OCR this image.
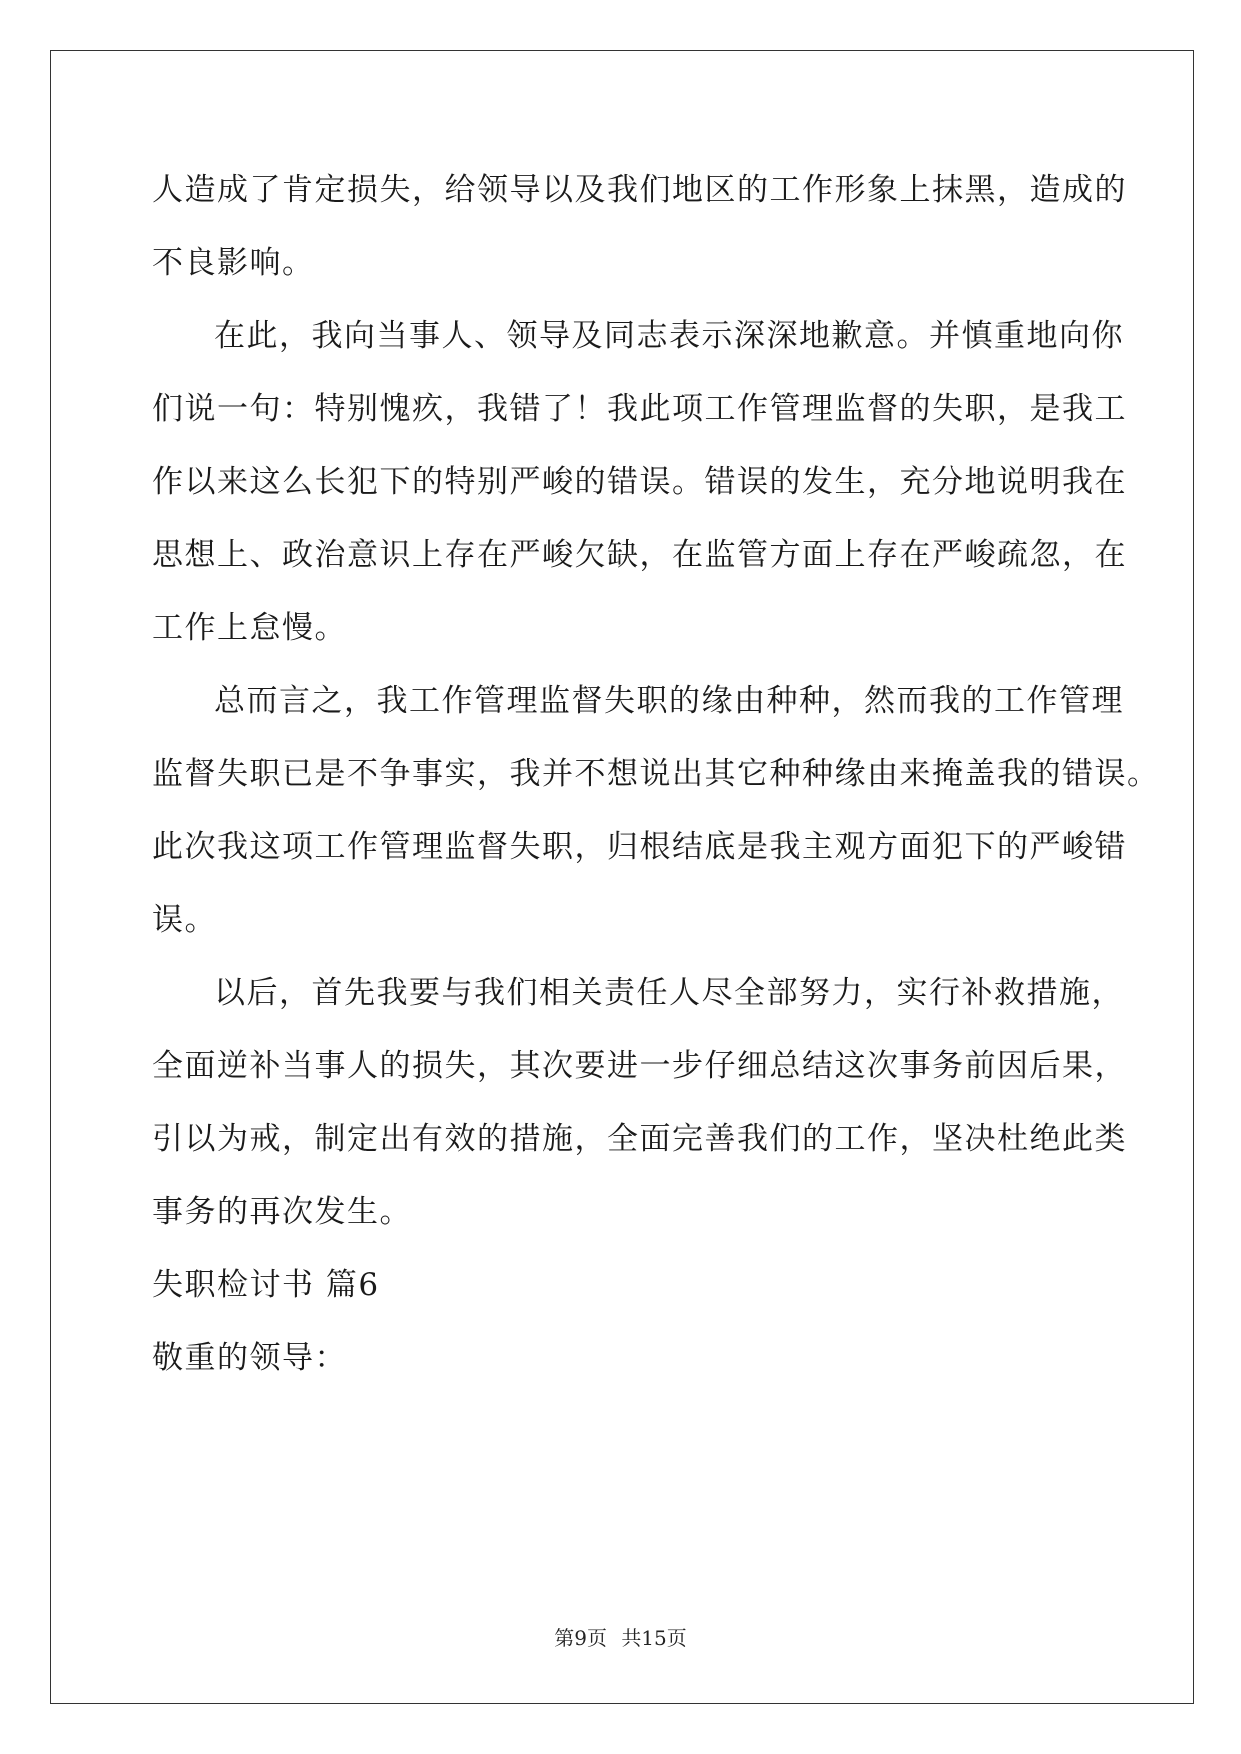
人造成了肯定损失，给领导以及我们地区的工作形象上抹黑，造成的
不良影响。
在此，我向当事人、领导及同志表示深深地歉意。并慎重地向你
们说一句：特别愧疚，我错了！我此项工作管理监督的失职，是我工
作以来这么长犯下的特别严峻的错误。错误的发生，充分地说明我在
思想上、政治意识上存在严峻欠缺，在监管方面上存在严峻疏忽，在
工作上怠慢。
总而言之，我工作管理监督失职的缘由种种，然而我的工作管理
监督失职已是不争事实，我并不想说出其它种种缘由来掩盖我的错误。
此次我这项工作管理监督失职，归根结底是我主观方面犯下的严峻错
误。
以后，首先我要与我们相关责任人尽全部努力，实行补救措施，
全面逆补当事人的损失，其次要进一步仔细总结这次事务前因后果，
引以为戒，制定出有效的措施，全面完善我们的工作，坚决杜绝此类
事务的再次发生。
失职检讨书 篇6
敬重的领导：
第9页 共15页
